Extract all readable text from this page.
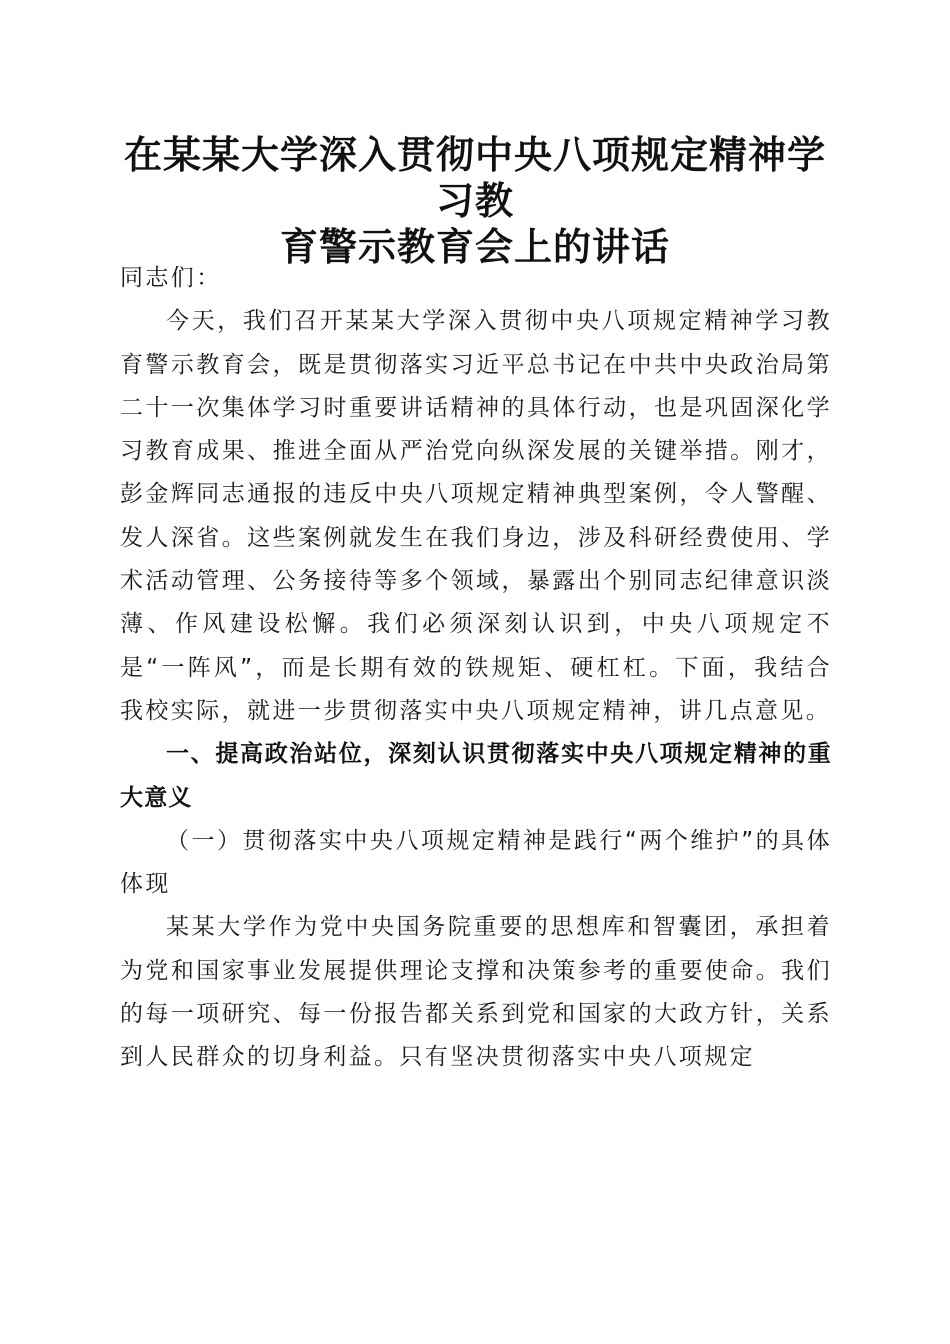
在某某大学深入贯彻中央八项规定精神学习教
育警示教育会上的讲话

同志们：

今天，我们召开某某大学深入贯彻中央八项规定精神学习教育警示教育会，既是贯彻落实习近平总书记在中共中央政治局第二十一次集体学习时重要讲话精神的具体行动，也是巩固深化学习教育成果、推进全面从严治党向纵深发展的关键举措。刚才，彭金辉同志通报的违反中央八项规定精神典型案例，令人警醒、发人深省。这些案例就发生在我们身边，涉及科研经费使用、学术活动管理、公务接待等多个领域，暴露出个别同志纪律意识淡薄、作风建设松懈。我们必须深刻认识到，中央八项规定不是“一阵风”，而是长期有效的铁规矩、硬杠杠。下面，我结合我校实际，就进一步贯彻落实中央八项规定精神，讲几点意见。

一、提高政治站位，深刻认识贯彻落实中央八项规定精神的重大意义

（一）贯彻落实中央八项规定精神是践行“两个维护”的具体体现

某某大学作为党中央国务院重要的思想库和智囊团，承担着为党和国家事业发展提供理论支撑和决策参考的重要使命。我们的每一项研究、每一份报告都关系到党和国家的大政方针，关系到人民群众的切身利益。只有坚决贯彻落实中央八项规定
